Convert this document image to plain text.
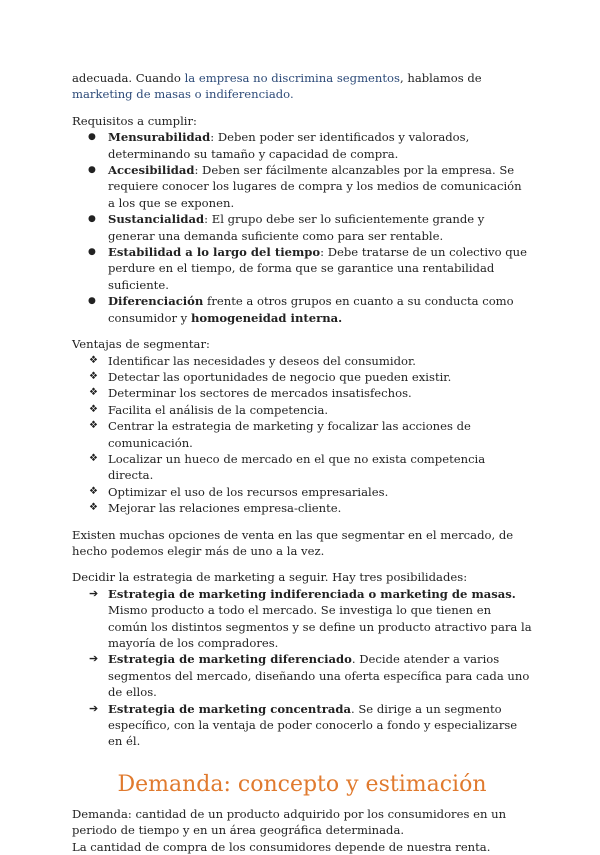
adecuada. Cuando la empresa no discrimina segmentos, hablamos de marketing de masas o indiferenciado.

Requisitos a cumplir:

● Mensurabilidad: Deben poder ser identificados y valorados, determinando su tamaño y capacidad de compra.
● Accesibilidad: Deben ser fácilmente alcanzables por la empresa. Se requiere conocer los lugares de compra y los medios de comunicación a los que se exponen.
● Sustancialidad: El grupo debe ser lo suficientemente grande y generar una demanda suficiente como para ser rentable.
● Estabilidad a lo largo del tiempo: Debe tratarse de un colectivo que perdure en el tiempo, de forma que se garantice una rentabilidad suficiente.
● Diferenciación frente a otros grupos en cuanto a su conducta como consumidor y homogeneidad interna.

Ventajas de segmentar:

❖ Identificar las necesidades y deseos del consumidor.
❖ Detectar las oportunidades de negocio que pueden existir.
❖ Determinar los sectores de mercados insatisfechos.
❖ Facilita el análisis de la competencia.
❖ Centrar la estrategia de marketing y focalizar las acciones de comunicación.
❖ Localizar un hueco de mercado en el que no exista competencia directa.
❖ Optimizar el uso de los recursos empresariales.
❖ Mejorar las relaciones empresa-cliente.

Existen muchas opciones de venta en las que segmentar en el mercado, de hecho podemos elegir más de uno a la vez.

Decidir la estrategia de marketing a seguir. Hay tres posibilidades:

➔ Estrategia de marketing indiferenciada o marketing de masas. Mismo producto a todo el mercado. Se investiga lo que tienen en común los distintos segmentos y se define un producto atractivo para la mayoría de los compradores.
➔ Estrategia de marketing diferenciado. Decide atender a varios segmentos del mercado, diseñando una oferta específica para cada uno de ellos.
➔ Estrategia de marketing concentrada. Se dirige a un segmento específico, con la ventaja de poder conocerlo a fondo y especializarse en él.
Demanda: concepto y estimación

Demanda: cantidad de un producto adquirido por los consumidores en un periodo de tiempo y en un área geográfica determinada.

La cantidad de compra de los consumidores depende de nuestra renta.
